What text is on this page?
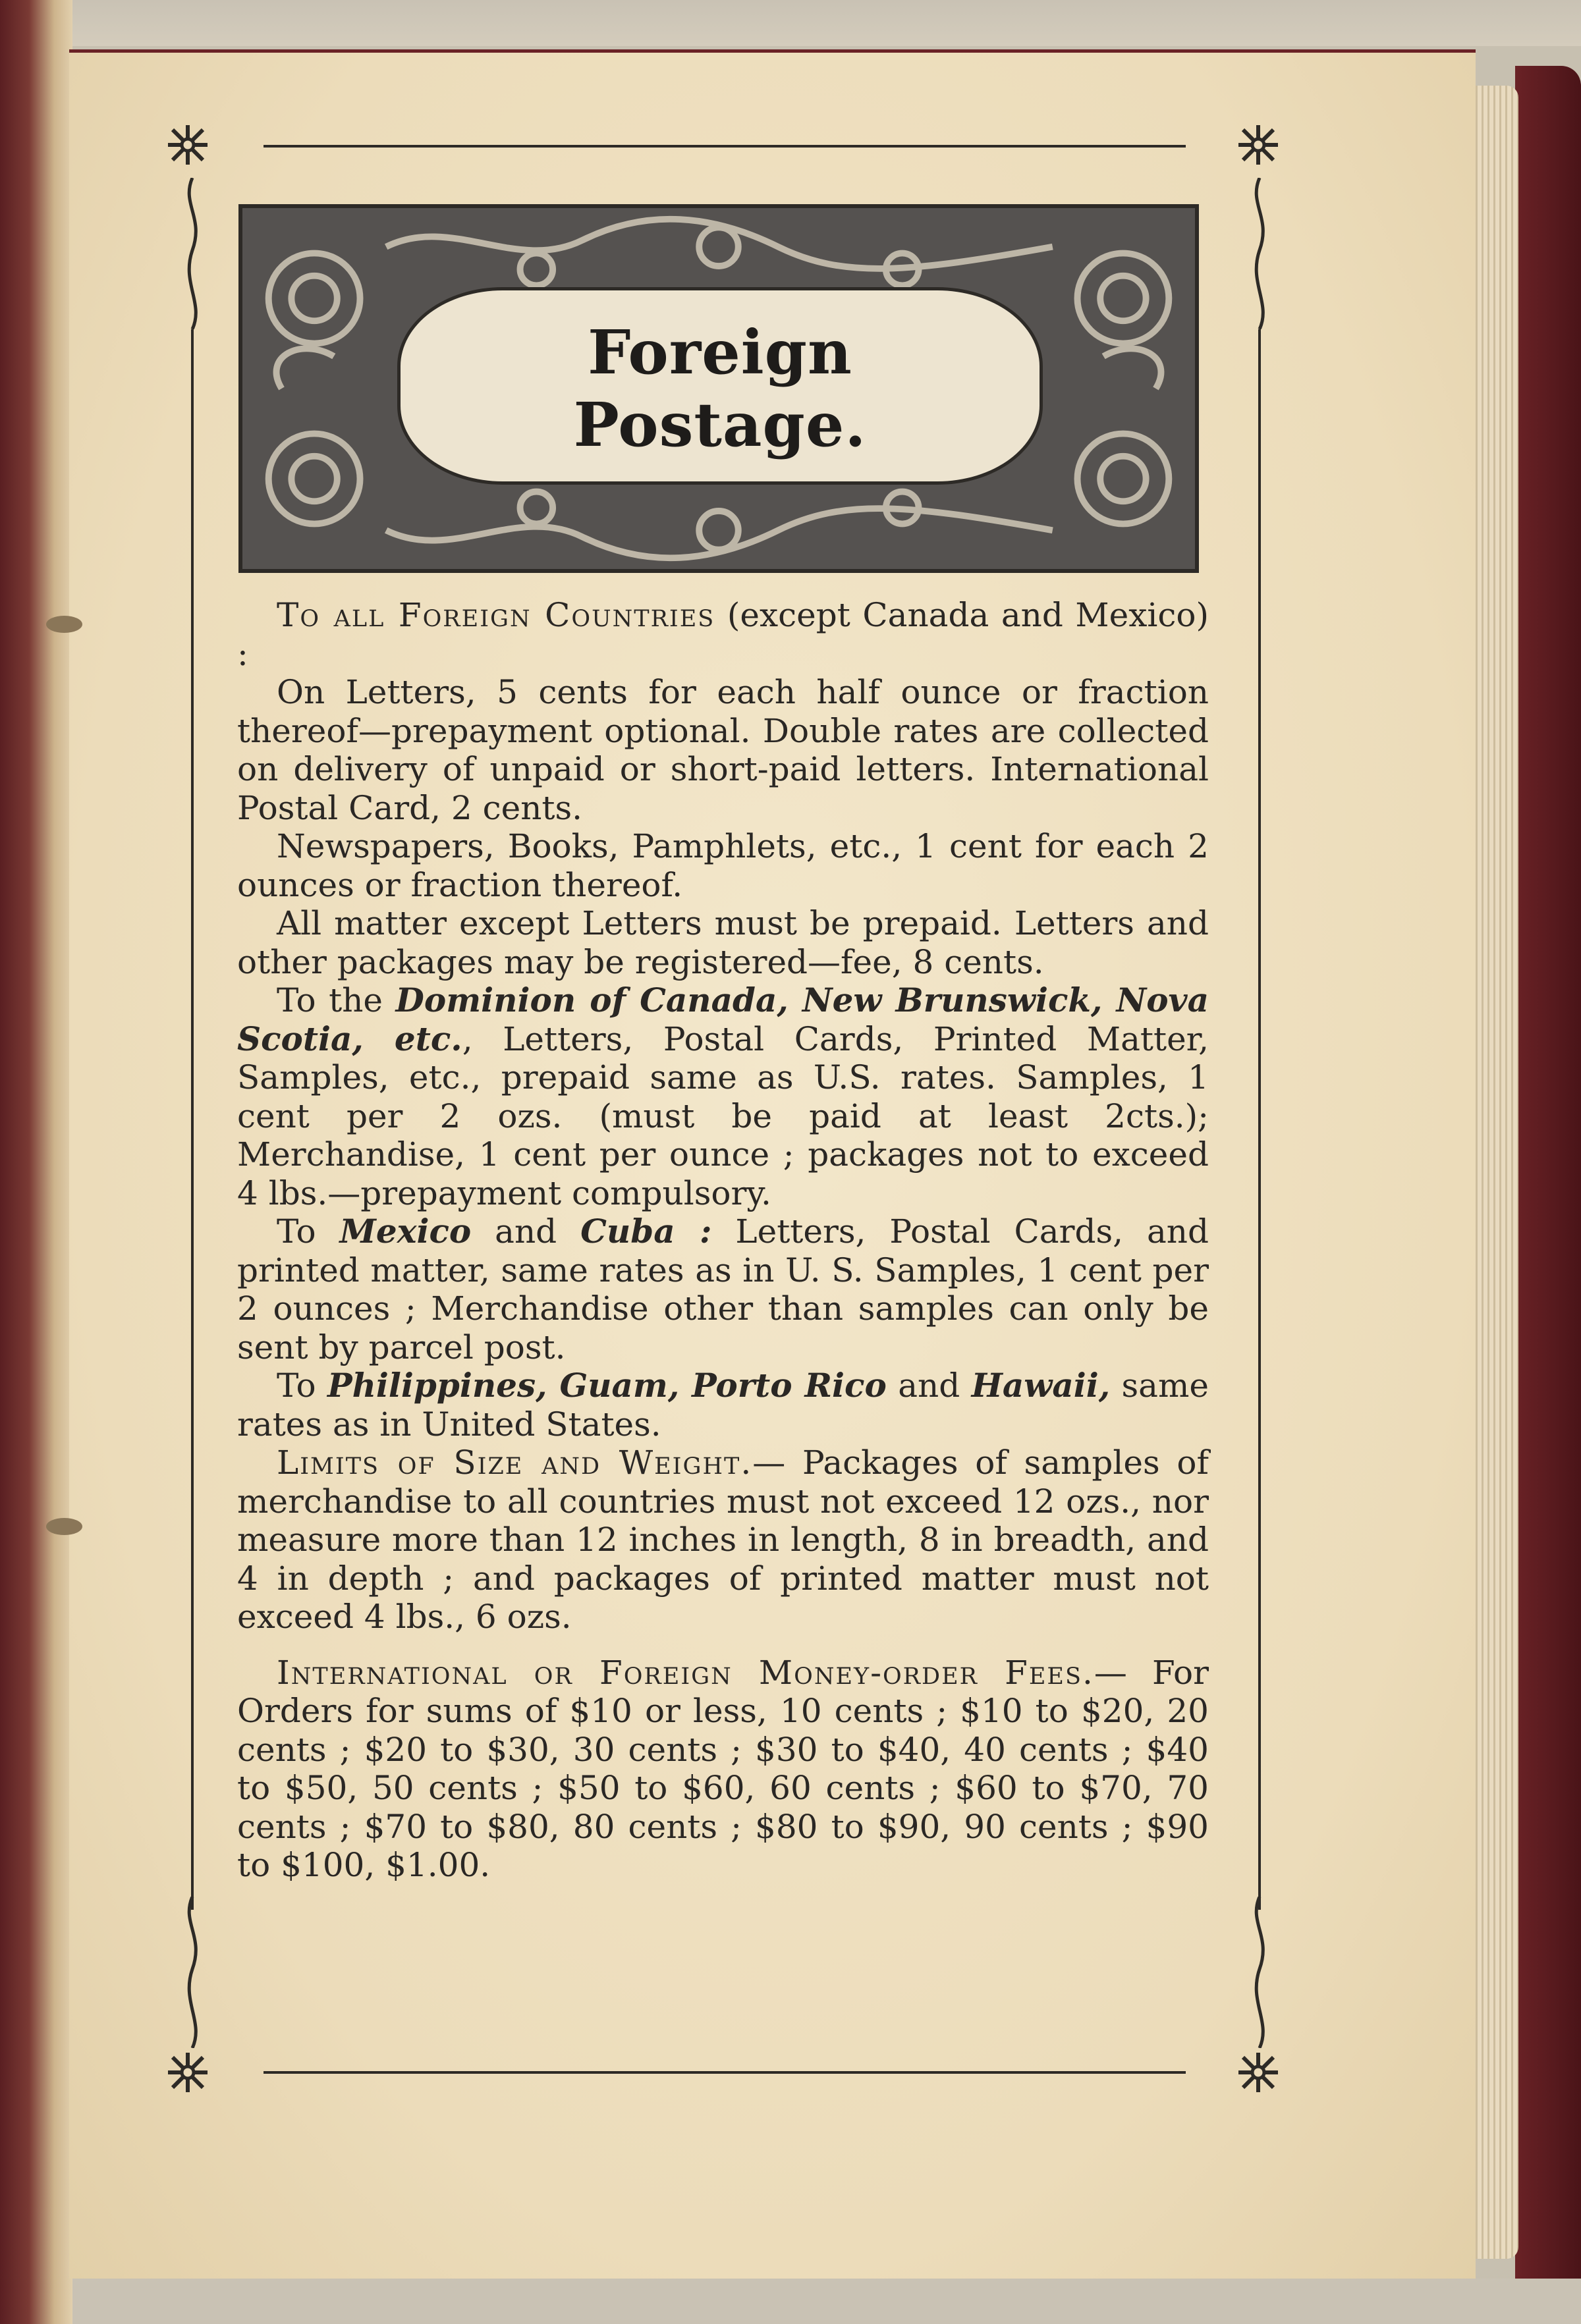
Foreign
Postage.

To all Foreign Countries (except Canada and Mexico) :

On Letters, 5 cents for each half ounce or fraction thereof—prepayment optional. Double rates are collected on delivery of unpaid or short-paid letters. International Postal Card, 2 cents.

Newspapers, Books, Pamphlets, etc., 1 cent for each 2 ounces or fraction thereof.

All matter except Letters must be prepaid. Letters and other packages may be registered—fee, 8 cents.

To the Dominion of Canada, New Brunswick, Nova Scotia, etc., Letters, Postal Cards, Printed Matter, Samples, etc., prepaid same as U.S. rates. Samples, 1 cent per 2 ozs. (must be paid at least 2cts.); Merchandise, 1 cent per ounce ; packages not to exceed 4 lbs.—prepayment compulsory.

To Mexico and Cuba : Letters, Postal Cards, and printed matter, same rates as in U. S. Samples, 1 cent per 2 ounces ; Merchandise other than samples can only be sent by parcel post.

To Philippines, Guam, Porto Rico and Hawaii, same rates as in United States.

Limits of Size and Weight.— Packages of samples of merchandise to all countries must not exceed 12 ozs., nor measure more than 12 inches in length, 8 in breadth, and 4 in depth ; and packages of printed matter must not exceed 4 lbs., 6 ozs.

International or Foreign Money-order Fees.— For Orders for sums of $10 or less, 10 cents ; $10 to $20, 20 cents ; $20 to $30, 30 cents ; $30 to $40, 40 cents ; $40 to $50, 50 cents ; $50 to $60, 60 cents ; $60 to $70, 70 cents ; $70 to $80, 80 cents ; $80 to $90, 90 cents ; $90 to $100, $1.00.
